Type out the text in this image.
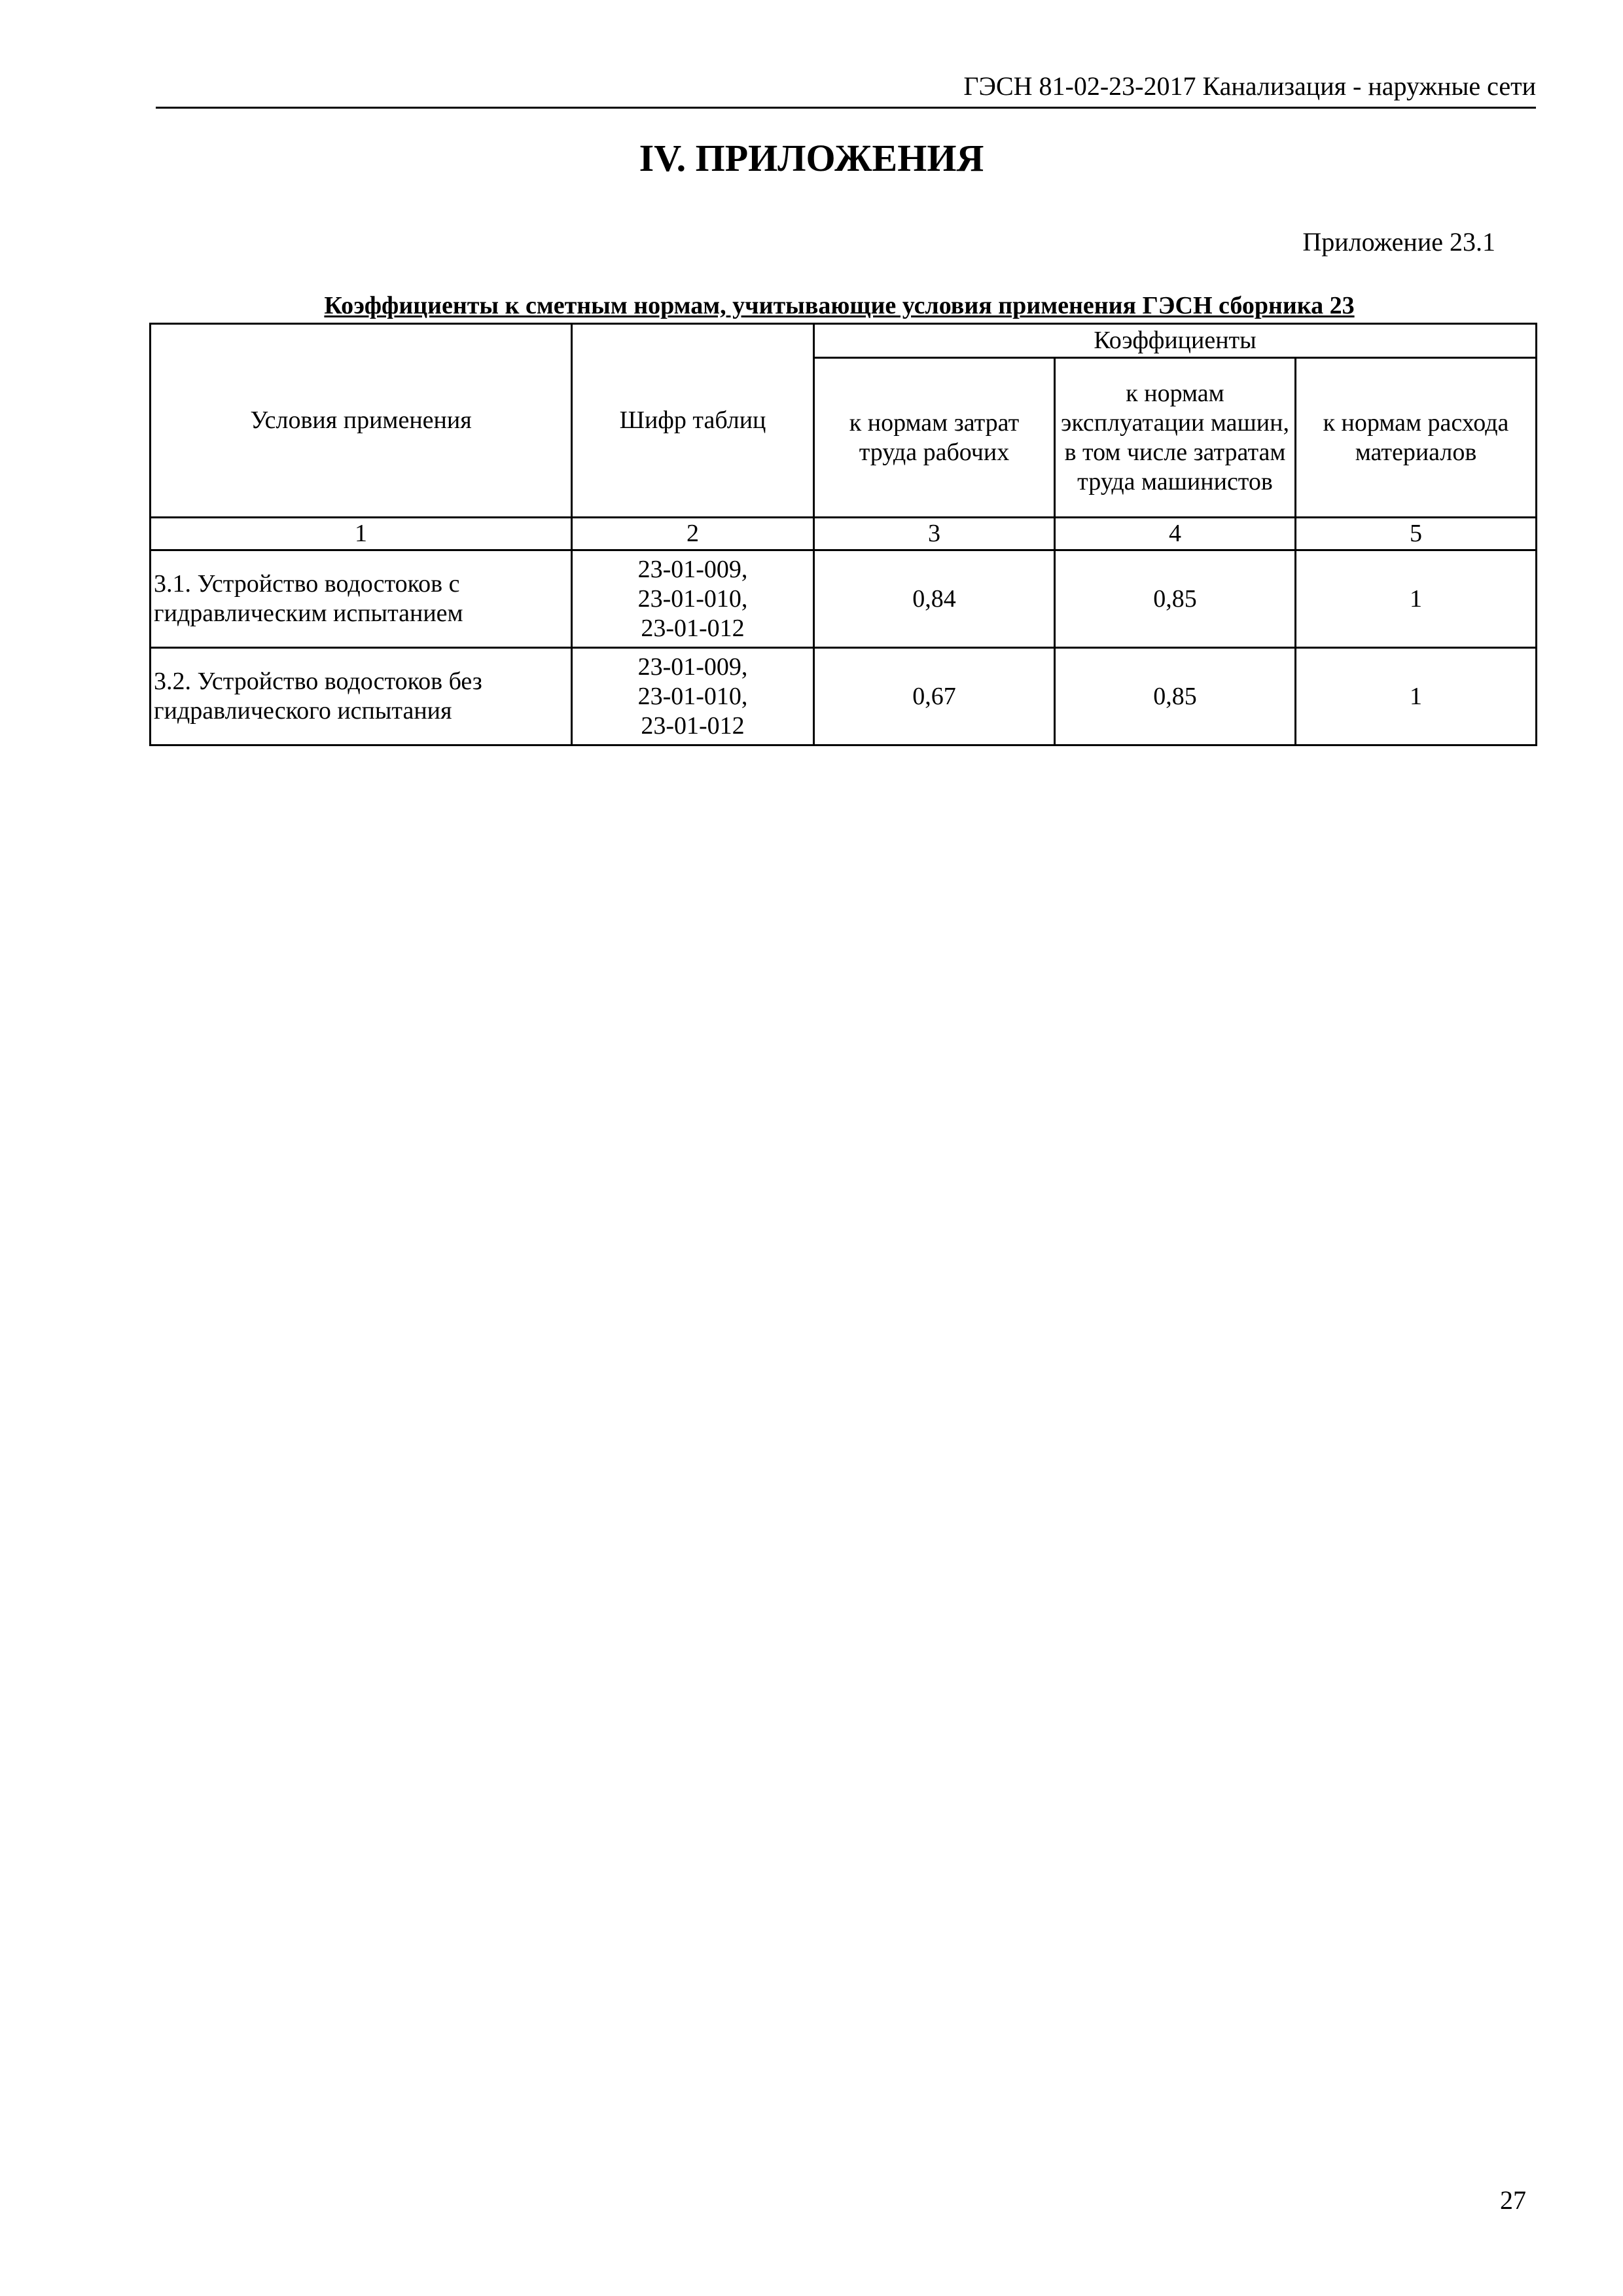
ГЭСН 81-02-23-2017 Канализация - наружные сети
IV. ПРИЛОЖЕНИЯ
Приложение 23.1
Коэффициенты к сметным нормам, учитывающие условия применения ГЭСН сборника 23
Условия применения	Шифр таблиц	Коэффициенты		
		к нормам затрат труда рабочих	к нормам эксплуатации машин, в том числе затратам труда машинистов	к нормам расхода материалов
1	2	3	4	5
3.1. Устройство водостоков с гидравлическим испытанием	23-01-009,
23-01-010,
23-01-012	0,84	0,85	1
3.2. Устройство водостоков без гидравлического испытания	23-01-009,
23-01-010,
23-01-012	0,67	0,85	1
27
